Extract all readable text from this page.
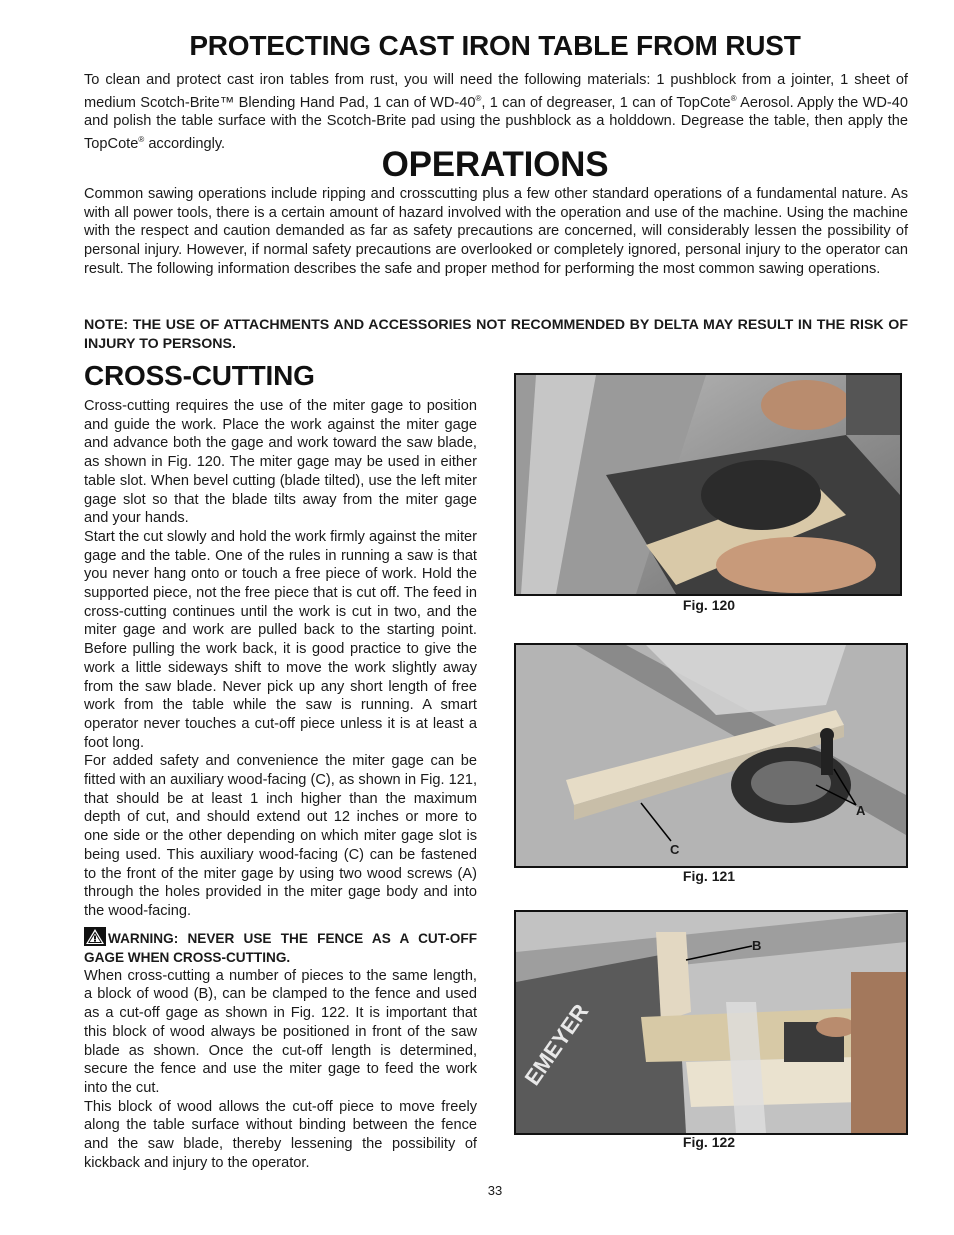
PROTECTING CAST IRON TABLE FROM RUST

To clean and protect cast iron tables from rust, you will need the following materials: 1 pushblock from a jointer, 1 sheet of medium Scotch-Brite™ Blending Hand Pad, 1 can of WD-40®, 1 can of degreaser, 1 can of TopCote® Aerosol. Apply the WD-40 and polish the table surface with the Scotch-Brite pad using the pushblock as a holddown. Degrease the table, then apply the TopCote® accordingly.

OPERATIONS

Common sawing operations include ripping and crosscutting plus a few other standard operations of a fundamental nature. As with all power tools, there is a certain amount of hazard involved with the operation and use of the machine. Using the machine with the respect and caution demanded as far as safety precautions are concerned, will considerably lessen the possibility of personal injury. However, if normal safety precautions are overlooked or completely ignored, personal injury to the operator can result. The following information describes the safe and proper method for performing the most common sawing operations.

NOTE: THE USE OF ATTACHMENTS AND ACCESSORIES NOT RECOMMENDED BY DELTA MAY RESULT IN THE RISK OF INJURY TO PERSONS.

CROSS-CUTTING

Cross-cutting requires the use of the miter gage to position and guide the work. Place the work against the miter gage and advance both the gage and work toward the saw blade, as shown in Fig. 120. The miter gage may be used in either table slot. When bevel cutting (blade tilted), use the left miter gage slot so that the blade tilts away from the miter gage and your hands.

Start the cut slowly and hold the work firmly against the miter gage and the table. One of the rules in running a saw is that you never hang onto or touch a free piece of work. Hold the supported piece, not the free piece that is cut off. The feed in cross-cutting continues until the work is cut in two, and the miter gage and work are pulled back to the starting point. Before pulling the work back, it is good practice to give the work a little sideways shift to move the work slightly away from the saw blade. Never pick up any short length of free work from the table while the saw is running. A smart operator never touches a cut-off piece unless it is at least a foot long.

For added safety and convenience the miter gage can be fitted with an auxiliary wood-facing (C), as shown in Fig. 121, that should be at least 1 inch higher than the maximum depth of cut, and should extend out 12 inches or more to one side or the other depending on which miter gage slot is being used. This auxiliary wood-facing (C) can be fastened to the front of the miter gage by using two wood screws (A) through the holes provided in the miter gage body and into the wood-facing.

WARNING: NEVER USE THE FENCE AS A CUT-OFF GAGE WHEN CROSS-CUTTING.

When cross-cutting a number of pieces to the same length, a block of wood (B), can be clamped to the fence and used as a cut-off gage as shown in Fig. 122. It is important that this block of wood always be positioned in front of the saw blade as shown. Once the cut-off length is determined, secure the fence and use the miter gage to feed the work into the cut.

This block of wood allows the cut-off piece to move freely along the table surface without binding between the fence and the saw blade, thereby lessening the possibility of kickback and injury to the operator.

Fig. 120
A
C
Fig. 121
EMEYER
B
Fig. 122
33
